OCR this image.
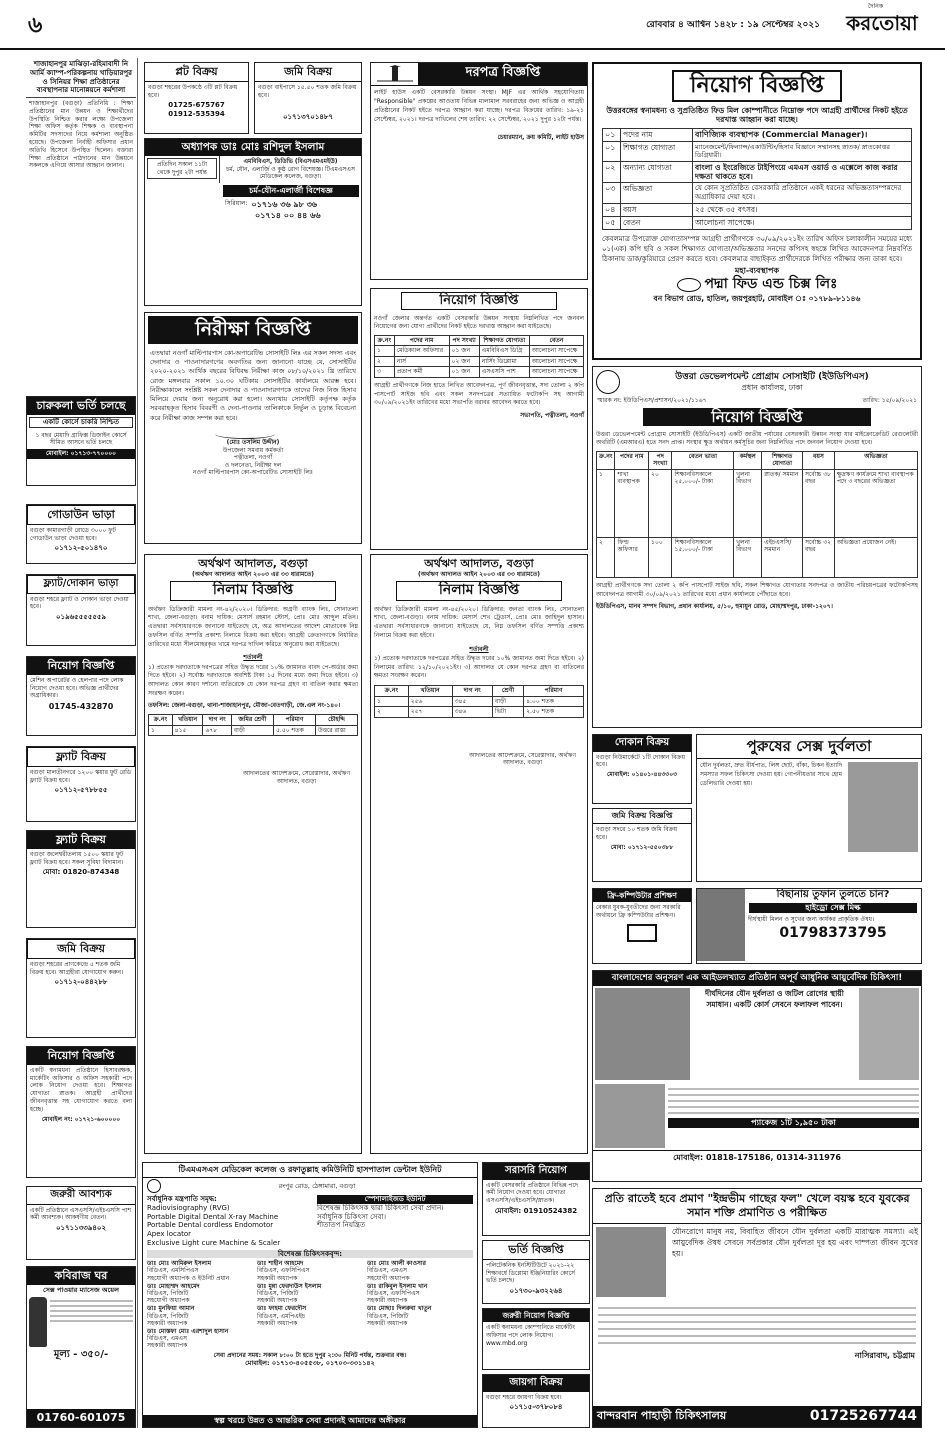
৬	রোববার ৪ আশ্বিন ১৪২৮ : ১৯ সেপ্টেম্বর ২০২১
দৈনিক
করতোয়া
শাজাহানপুর মাঝিড়া-রহিমাবাদী নি আর্মি ক্যাম্প-পরিকল্পনায় খাড়িয়ারপুর ও সিনিয়র শিক্ষা প্রতিষ্ঠানের ব্যবস্থাপনার মানোন্নয়নে কর্মশালা
শাজাহানপুর (বগুড়া) প্রতিনিধি : শিক্ষা প্রতিষ্ঠানের মান উন্নয়ন ও শিক্ষার্থীদের উপস্থিতি নিশ্চিত করার লক্ষ্যে উপজেলা শিক্ষা অফিস কর্তৃক শিক্ষক ও ব্যবস্থাপনা কমিটির সদস্যদের নিয়ে কর্মশালা অনুষ্ঠিত হয়েছে। উপজেলা নির্বাহী অফিসার প্রধান অতিথি হিসেবে উপস্থিত ছিলেন। বক্তারা শিক্ষা প্রতিষ্ঠানে পাঠদানের মান উন্নয়নে সকলকে এগিয়ে আসার আহ্বান জানান।
চারুকলা ভর্তি চলছে
একটি কোর্সে চাকরি নিশ্চিত
১ বছর মেয়াদি গ্রাফিক্স ডিজাইন কোর্সে সীমিত আসনে ভর্তি চলছে
মোবাইল: ০১৭১৩-৭৭০০০০
গোডাউন ভাড়া
বগুড়া কামারগাড়ী রোডে ৩০০০ ফুট গোডাউন ভাড়া দেওয়া হবে।
০১৭১২-৫০১৪৭০
ফ্ল্যাট/দোকান ভাড়া
বগুড়া শহরে ফ্ল্যাট ও দোকান ভাড়া দেওয়া হবে।
০১৯৬৫৫৫৫৫৫৯
নিয়োগ বিজ্ঞপ্তি
মেশিন অপারেটর ও হেলপার পদে লোক নিয়োগ দেওয়া হবে। অভিজ্ঞ প্রার্থীদের অগ্রাধিকার।
01745-432870
ফ্ল্যাট বিক্রয়
বগুড়া মালতীনগরে ১২০০ স্কয়ার ফুট রেডি ফ্ল্যাট বিক্রয় হবে।
০১৭১২-৫৭৮৮৫৫
ফ্ল্যাট বিক্রয়
বগুড়া জলেশ্বরীতলায় ১৫০০ স্কয়ার ফুট ফ্ল্যাট বিক্রয় হবে। সকল সুবিধা বিদ্যমান।
মোবা: 01820-874348
জমি বিক্রয়
বগুড়া শহরের প্রাণকেন্দ্রে ৫ শতক জমি বিক্রয় হবে। আগ্রহীরা যোগাযোগ করুন।
০১৭১২-০৪৪২৮৮
নিয়োগ বিজ্ঞপ্তি
একটি স্বনামধন্য প্রতিষ্ঠানে হিসাবরক্ষক, মার্কেটিং অফিসার ও অফিস সহকারী পদে লোক নিয়োগ দেওয়া হবে। শিক্ষাগত যোগ্যতা স্নাতক। আগ্রহী প্রার্থীদের জীবনবৃত্তান্ত সহ যোগাযোগ করতে বলা হচ্ছে।
মোবাইল নং: ০১৭২১-৬০০০০০
জরুরী আবশ্যক
একটি প্রতিষ্ঠানে এসএসসি/এইচএসসি পাশ কর্মী আবশ্যক। আকর্ষণীয় বেতন।
০১৭১১৩৩৯৪০২
কবিরাজ ঘর
সেক্স পাওয়ার ম্যাসেজ অয়েল
মূল্য - ৩৫০/-
01760-601075
প্লট বিক্রয়
বগুড়া শহরের উপকণ্ঠে ৩টি প্লট বিক্রয় হবে।
01725-675767
01912-535394
জমি বিক্রয়
বগুড়া বাইপাসে ১৫.৫০ শতক জমি বিক্রয় হবে।
০১৭১৩৭০১৪৮৭
অধ্যাপক ডাঃ মোঃ রশিদুল ইসলাম
প্রতিদিন সকাল ১১টা থেকে দুপুর ২টা পর্যন্ত
এমবিবিএস, ডিডিভি (বিএসএমএমইউ)
চর্ম, যৌন, এলার্জি ও কুষ্ঠ রোগ বিশেষজ্ঞ। টিএমএসএস মেডিকেল কলেজ, বগুড়া।
চর্ম-যৌন-এলার্জী বিশেষজ্ঞ
সিরিয়াল: ০১৭১৬ ৩৬ ৯৮ ৩৬
০১৭১৪ ০০ ৪৪ ৬৬
নিরীক্ষা বিজ্ঞপ্তি
এতদ্বারা নওগাঁ মাল্টিপারপাস কো-অপারেটিভ সোসাইটি লিঃ এর সকল সদস্য এবং দেনাদার ও পাওনাদারগণের অবগতির জন্য জানানো যাচ্ছে যে, সোসাইটির ২০২০-২০২১ আর্থিক বছরের বিধিবদ্ধ নিরীক্ষা কাজ ০৮/১০/২০২১ খ্রি তারিখে রোজ মঙ্গলবার সকাল ১০.৩০ ঘটিকায় সোসাইটির কার্যালয়ে আরম্ভ হবে। নিরীক্ষাকালে সংশ্লিষ্ট সকল দেনাদার ও পাওনাদারগণকে তাদের নিজ নিজ হিসাব মিলিয়ে দেয়ার জন্য অনুরোধ করা হলো। অন্যথায় সোসাইটি কর্তৃপক্ষ কর্তৃক সরবরাহকৃত হিসাব বিবরণী ও দেনা-পাওনার তালিকাকে নির্ভুল ও চূড়ান্ত বিবেচনা করে নিরীক্ষা কাজ সম্পন্ন করা হবে।
(মোঃ তসলিম উদ্দীন)
উপজেলা সমবায় কর্মকর্তা
পত্নীতলা, নওগাঁ
ও দলনেতা, নিরীক্ষা দল
নওগাঁ মাল্টিপারপাস কো-অপারেটিভ সোসাইটি লিঃ
অর্থঋণ আদালত, বগুড়া
(অর্থঋণ আদালত আইন ২০০৩ এর ৩৩ ধারামতে)
নিলাম বিজ্ঞপ্তি
অর্থঋণ ডিক্রিজারী মামলা নং-৪২/২০২০। ডিক্রিদার: অগ্রণী ব্যাংক লিঃ, সোনাতলা শাখা, জেলা-বগুড়া। বনাম দায়িক: মেসার্স রহমান স্টোর্স, প্রোঃ মোঃ আব্দুল মতিন। এতদ্বারা সর্বসাধারণকে জানানো যাইতেছে যে, অত্র আদালতের আদেশ মোতাবেক নিম্ন তফসিল বর্ণিত সম্পত্তি প্রকাশ্য নিলামে বিক্রয় করা হইবে। আগ্রহী ক্রেতাগণকে নির্ধারিত তারিখের মধ্যে সীলমোহরকৃত খামে দরপত্র দাখিল করিতে অনুরোধ করা যাইতেছে।
শর্তাবলী
১) প্রত্যেক দরদাতাকে দরপত্রের সহিত উদ্ধৃত দরের ১০% জামানত বাবদ পে-অর্ডার জমা দিতে হইবে। ২) সর্বোচ্চ দরদাতাকে অবশিষ্ট টাকা ১৫ দিনের মধ্যে জমা দিতে হইবে। ৩) আদালত কোন কারণ দর্শানো ব্যতিরেকে যে কোন দরপত্র গ্রহণ বা বাতিল করার ক্ষমতা সংরক্ষণ করেন।
তফসিল: জেলা-বগুড়া, থানা-শাজাহানপুর, মৌজা-বেতগাড়ী, জে.এল নং-১৪০।
ক্র.নং	খতিয়ান	দাগ নং	জমির শ্রেণী	পরিমাণ	চৌহদ্দি
১	৪১৫	৬৭৮	বাড়ী	৫.৫০ শতক	উত্তরে রাস্তা
আদালতের আদেশক্রমে, সেরেস্তাদার, অর্থঋণ আদালত, বগুড়া
দরপত্র বিজ্ঞপ্তি
লাইট হাউস একটি বেসরকারি উন্নয়ন সংস্থা। MJF এর আর্থিক সহযোগিতায় "Responsible" প্রকল্পের আওতায় বিভিন্ন মালামাল সরবরাহের জন্য অভিজ্ঞ ও আগ্রহী প্রতিষ্ঠানের নিকট হইতে দরপত্র আহ্বান করা যাচ্ছে। দরপত্র বিক্রয়ের তারিখ: ১৯-২১ সেপ্টেম্বর, ২০২১। দরপত্র দাখিলের শেষ তারিখ: ২২ সেপ্টেম্বর, ২০২১ দুপুর ১২টা পর্যন্ত।
চেয়ারম্যান, ক্রয় কমিটি, লাইট হাউস
নিয়োগ বিজ্ঞপ্তি
নওগাঁ জেলার অন্তর্গত একটি বেসরকারি উন্নয়ন সংস্থায় নিম্নলিখিত পদে জনবল নিয়োগের জন্য যোগ্য প্রার্থীদের নিকট হইতে দরখাস্ত আহ্বান করা যাইতেছে।
ক্র.নং	পদের নাম	পদ সংখ্যা	শিক্ষাগত যোগ্যতা	বেতন
১	মেডিক্যাল অফিসার	০১ জন	এমবিবিএস ডিগ্রি	আলোচনা সাপেক্ষে
২	নার্স	০২ জন	নার্সিং ডিপ্লোমা	আলোচনা সাপেক্ষে
৩	প্রতাপ কর্মী	০১ জন	এসএসসি পাশ	আলোচনা সাপেক্ষে
আগ্রহী প্রার্থীগণকে নিজ হাতে লিখিত আবেদনপত্র, পূর্ণ জীবনবৃত্তান্ত, সদ্য তোলা ২ কপি পাসপোর্ট সাইজ ছবি এবং সকল সনদপত্রের সত্যায়িত ফটোকপি সহ আগামী ৩০/০৯/২০২১ইং তারিখের মধ্যে সভাপতি বরাবর আবেদন করতে হবে।
সভাপতি, পত্নীতলা, নওগাঁ
অর্থঋণ আদালত, বগুড়া
(অর্থঋণ আদালত আইন ২০০৩ এর ৩৩ ধারামতে)
নিলাম বিজ্ঞপ্তি
অর্থঋণ ডিক্রিজারী মামলা নং-৪৫/২০২০। ডিক্রিদার: জনতা ব্যাংক লিঃ, সোনাতলা শাখা, জেলা-বগুড়া। বনাম দায়িক: মেসার্স শেখ ট্রেডার্স, প্রোঃ মোঃ জাহিদুল হাসান। এতদ্বারা সর্বসাধারণকে জানানো যাইতেছে যে, নিম্ন তফসিল বর্ণিত সম্পত্তি প্রকাশ্য নিলামে বিক্রয় করা হইবে।
শর্তাবলী
১) প্রত্যেক দরদাতাকে দরপত্রের সহিত উদ্ধৃত দরের ১০% জামানত জমা দিতে হইবে। ২) নিলামের তারিখ: ১২/১০/২০২১ইং। ৩) আদালত যে কোন দরপত্র গ্রহণ বা বাতিলের ক্ষমতা সংরক্ষণ করেন।
ক্র.নং	খতিয়ান	দাগ নং	শ্রেণী	পরিমাণ
১	২৫৬	৩৪৫	বাড়ী	৪.০০ শতক
২	২৫৭	৩৪৬	ভিটা	২.৫০ শতক
আদালতের আদেশক্রমে, সেরেস্তাদার, অর্থঋণ আদালত, বগুড়া
নিয়োগ বিজ্ঞপ্তি
উত্তরবঙ্গের স্বনামধন্য ও সুপ্রতিষ্ঠিত ফিড মিল কোম্পানীতে নিম্নোক্ত পদে আগ্রহী প্রার্থীদের নিকট হইতে দরখাস্ত আহ্বান করা যাচ্ছে।
০১	পদের নাম	বাণিজ্যিক ব্যবস্থাপক (Commercial Manager)।
০১	শিক্ষাগত যোগ্যতা	ম্যানেজমেন্ট/ফিন্যান্স/একাউন্টিং/হিসাব বিজ্ঞানে সম্মানসহ স্নাতক/ স্নাতকোত্তর ডিগ্রিধারী।
০২	অন্যান্য যোগ্যতা	বাংলা ও ইংরেজিতে টাইপিংয়ে এমএস ওয়ার্ড ও এক্সেলে কাজ করার দক্ষতা থাকতে হবে।
০৩	অভিজ্ঞতা	যে কোন সুপ্রতিষ্ঠিত বেসরকারি প্রতিষ্ঠানে একই ধরনের অভিজ্ঞতাসম্পন্নদের অগ্রাধিকার দেয়া হবে।
০৪	বয়স	২৫ থেকে ৩৫ বৎসর।
০৫	বেতন	আলোচনা সাপেক্ষে।
কেবলমাত্র উপরোক্ত যোগ্যতাসম্পন্ন আগ্রহী প্রার্থীগণকে ৩০/০৯/২০২১ইং তারিখ অফিস চলাকালীন সময়ের মধ্যে ০১(এক) কপি ছবি ও সকল শিক্ষাগত যোগ্যতা/অভিজ্ঞতার সনদের কপিসহ স্বহস্তে লিখিত আবেদনপত্র নিম্নবর্ণিত ঠিকানায় ডাক/কুরিয়ারে প্রেরণ করতে হবে। কেবলমাত্র বাছাইকৃত প্রার্থীদেরকে লিখিত পরীক্ষার জন্য ডাকা হবে।
মহা-ব্যবস্থাপক
পদ্মা ফিড এন্ড চিক্স লিঃ
বন বিভাগ রোড, হাতিল, জয়পুরহাট, মোবাইল ঃ ০১৭৮৯-৮১১৪৬
উত্তরা ডেভেলপমেন্ট প্রোগ্রাম সোসাইটি (ইউডিপিএস)
প্রধান কার্যালয়, ঢাকা
স্মারক নং: ইউডিপিএস/প্রশাসন/২০২১/১১৬৭	তারিখ: ১৫/০৯/২০২১
নিয়োগ বিজ্ঞপ্তি
উত্তরা ডেভেলপমেন্ট প্রোগ্রাম সোসাইটি (ইউডিপিএস) একটি জাতীয় পর্যায়ের বেসরকারী উন্নয়ন সংস্থা যার মাইক্রোক্রেডিট রেগুলেটরী অথরিটি (এমআরএ) হতে সনদ প্রাপ্ত। সংস্থার ক্ষুদ্র অর্থায়ন কর্মসূচির জন্য নিম্নলিখিত পদে জনবল নিয়োগ দেওয়া হবে।
ক্র.নং	পদের নাম	পদ সংখ্যা	বেতন ভাতা	কর্মস্থল	শিক্ষাগত যোগ্যতা	বয়স	অভিজ্ঞতা
১	শাখা ব্যবস্থাপক	২০	শিক্ষানবিসকালে ২৫,০০০/- টাকা	খুলনা বিভাগ	স্নাতক/ সমমান	সর্বোচ্চ ৩৮ বছর	ক্ষুদ্রঋণ কার্যক্রমে শাখা ব্যবস্থাপক পদে ৩ বছরের অভিজ্ঞতা
২	ফিল্ড অফিসার	১০০	শিক্ষানবিসকালে ১৫,০০০/- টাকা	খুলনা বিভাগ	এইচএসসি/ সমমান	সর্বোচ্চ ৩২ বছর	অভিজ্ঞতা প্রয়োজন নেই।
আগ্রহী প্রার্থীগণকে সদ্য তোলা ২ কপি পাসপোর্ট সাইজ ছবি, সকল শিক্ষাগত যোগ্যতার সনদপত্র ও জাতীয় পরিচয়পত্রের ফটোকপিসহ আবেদনপত্র আগামী ৩০/০৯/২০২১ তারিখের মধ্যে প্রধান কার্যালয়ে পৌঁছাতে হবে।
ইউডিপিএস, মানব সম্পদ বিভাগ, প্রধান কার্যালয়, ৫/১০, হুমায়ুন রোড, মোহাম্মদপুর, ঢাকা-১২০৭।
দোকান বিক্রয়
বগুড়া নিউমার্কেটে ১টি দোকান বিক্রয় হবে।
মোবাইল: ০১৪০১-৪৪৩৩০৩
জমি বিক্রয় বিজ্ঞপ্তি
বগুড়া সদরে ১০ শতক জমি বিক্রয় হবে।
মোবা: ০১৭১২-৫৫০৩৮৮
পুরুষের সেক্স দুর্বলতা
যৌন দুর্বলতা, দ্রুত বীর্যপাত, লিঙ্গ ছোট, বাঁকা, চিকন ইত্যাদি সমস্যার সফল চিকিৎসা দেওয়া হয়। গোপনীয়তার সাথে হোম ডেলিভারি দেওয়া হয়।
ফ্রি-কম্পিউটার প্রশিক্ষণ
বেকার যুবক-যুবতীদের জন্য সরকারি অর্থায়নে ফ্রি কম্পিউটার প্রশিক্ষণ।
বিছানায় তুফান তুলতে চান?
হাইড্রো সেক্স মিল্ক
দীর্ঘস্থায়ী মিলন ও সুখের জন্য কার্যকর প্রাকৃতিক ঔষধ।
01798373795
বাংলাদেশের অনুসরণ এক আইডলখ্যাত প্রতিষ্ঠান অপূর্ব আধুনিক আয়ুর্বেদিক চিকিৎসা!
দীর্ঘদিনের যৌন দুর্বলতা ও জটিল রোগের স্থায়ী সমাধান। একটি কোর্স সেবনে ফলাফল পাবেন।
প্যাকেজ ১টি ১,৯৫০ টাকা
মোবাইল: 01818-175186, 01314-311976
প্রতি রাতেই হবে প্রমাণ "ইন্দ্রভীম গাছের ফল" খেলে বয়স্ক হবে যুবকের সমান শক্তি প্রমাণিত ও পরীক্ষিত
যৌনরোগে মানুষ নয়, বিবাহিত জীবনে যৌন দুর্বলতা একটি মারাত্মক সমস্যা। এই আয়ুর্বেদিক ঔষধ সেবনে সর্বপ্রকার যৌন দুর্বলতা দূর হয় এবং দাম্পত্য জীবন সুখের হয়।
নাসিরাবাদ, চট্টগ্রাম
বান্দরবান পাহাড়ী চিকিৎসালয়	01725267744
টিএমএসএস মেডিকেল কলেজ ও রফাতুল্লাহ কমিউনিটি হাসপাতাল ডেন্টাল ইউনিট
রংপুর রোড, ঠেঙ্গামারা, বগুড়া
সর্বাধুনিক যন্ত্রপাতি সমৃদ্ধ:
Radiovisiography (RVG)
Portable Digital Dental X-ray Machine
Portable Dental cordless Endomotor
Apex locator
Exclusive Light cure Machine & Scaler
স্পেশালাইজড ইউনিট
বিশেষজ্ঞ চিকিৎসক দ্বারা চিকিৎসা সেবা প্রদান।
সর্বাধুনিক চিকিৎসা সেবা।
শীতাতপ নিয়ন্ত্রিত
বিশেষজ্ঞ চিকিৎসকবৃন্দ:
ডাঃ মোঃ আমিরুল ইসলাম
বিডিএস, এমসিপিএস
সহযোগী অধ্যাপক ও ইউনিট প্রধান
ডাঃ শাহীন আহমেদ
বিডিএস, এফসিপিএস
সহকারী অধ্যাপক
ডাঃ মোঃ আলী কাওসার
বিডিএস, এমএস
সহযোগী অধ্যাপক
ডাঃ মোহাম্মদ আহমেদ
বিডিএস, পিজিটি
সহযোগী অধ্যাপক
ডাঃ মুন্না ফেরদাউস ইসলাম
বিডিএস, পিজিটি
সহকারী অধ্যাপক
ডাঃ রাকিবুল ইসলাম খান
বিডিএস, এফসিপিএস
সহকারী অধ্যাপক
ডাঃ মুনফিয়া আমান
বিডিএস, পিজিটি
সহকারী অধ্যাপক
ডাঃ ফাহমা ফেরদৌস
বিডিএস, এমপিএইচ
সহকারী অধ্যাপক
ডাঃ মোছাঃ দিলরুবা খাতুন
বিডিএস, পিজিটি
সহকারী অধ্যাপক
ডাঃ মোস্তফা মোঃ এরশাদুল হাসান
বিডিএস, এমএস
সহকারী অধ্যাপক
সেবা প্রদানের সময়: সকাল ৮:০০ টা হতে দুপুর ২:৩০ মিনিট পর্যন্ত, শুক্রবার বন্ধ।
মোবাইল: ০১৭১৩-৪০৫৫৩৮, ০১৭০৩-৩৩১১৪২
স্বল্প খরচে উন্নত ও আন্তরিক সেবা প্রদানই আমাদের অঙ্গীকার
সরাসরি নিয়োগ
একটি বেসরকারি প্রতিষ্ঠানে বিভিন্ন পদে কর্মী নিয়োগ দেওয়া হবে। যোগ্যতা এসএসসি/এইচএসসি/স্নাতক।
মোবাইল: 01910524382
ভর্তি বিজ্ঞপ্তি
পলিটেকনিক ইনস্টিটিউটে ২০২১-২২ শিক্ষাবর্ষে ডিপ্লোমা ইঞ্জিনিয়ারিং কোর্সে ভর্তি চলছে।
০১৭৩০-৯৩২২৬৪
জরুরী নিয়োগ বিজ্ঞপ্তি
একটি স্বনামধন্য কোম্পানিতে মার্কেটিং অফিসার পদে লোক নিয়োগ। www.mbd.org
জায়গা বিক্রয়
বগুড়া শহরে জায়গা বিক্রয় হবে।
০১৭১৫-৩৭৮০৮৪
